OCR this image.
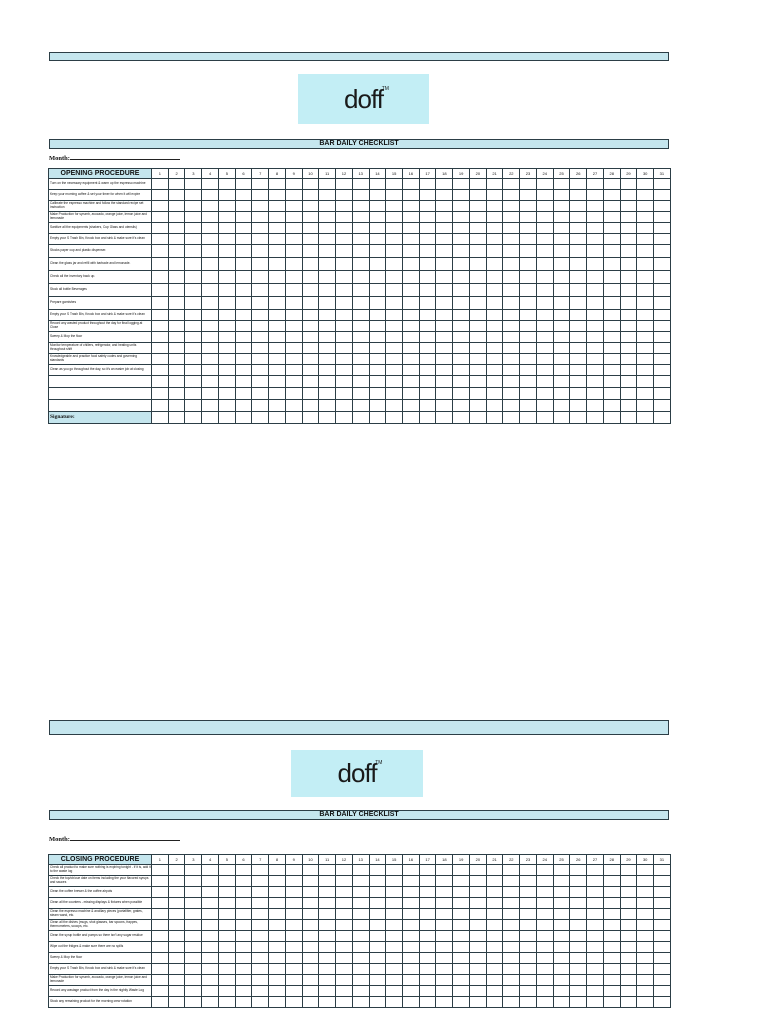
doff
TM
BAR DAILY CHECKLIST
Month:
OPENING PROCEDURE	1	2	3	4	5	6	7	8	9	10	11	12	13	14	15	16	17	18	19	20	21	22	23	24	25	26	27	28	29	30	31
Turn on the necessary equipment & warm up the espresso machine																															
Keep your morning coffee & set your timer for when it will expire																															
Calibrate the espresso machine and follow the standard recipe set instruction																															
Make Production for syrumb, avocado, orange juice, lemon juice and lemonade																															
Sanitize all the equipments (shakers, Cup Glass and utensils)																															
Empty your S Trash Bin, Knock box and sink & make sure it's clean																															
Stocks paper cup and plastic dispenser.																															
Clean the glass jar and refill with barbade and lemonade.																															
Check all the inventory back up.																															
Stock all bottle Beverages																															
Prepare garnishes																															
Empty your S Trash Bin, Knock box and sink & make sure it's clean																															
Record any wasted product throughout the day for final logging at Close																															
Sweep & Mop the floor																															
Monitor temperature of chillers, refrigerator, and heating units throughout shift																															
Knowledgeable and practice food safety codes and governing standards																															
Clean as you go throughout the day, so it's an easier job at closing																															

Signature:																															
doff
TM
BAR DAILY CHECKLIST
Month:
CLOSING PROCEDURE	1	2	3	4	5	6	7	8	9	10	11	12	13	14	15	16	17	18	19	20	21	22	23	24	25	26	27	28	29	30	31
Check all product to make sure nothing is expiring tonight - if it is, add it to the waste log																															
Check the top/ob/cue date on items including the your flavored syrups and sauces																															
Clean the coffee brewer & the coffee airpots																															
Clean all the counters - missing displays & fixtures when possible																															
Clean the espresso machine & ancillary pieces (portafilter, grates, steam wand, etc.																															
Clean all the dishes (mugs, shot glasses, bar spoons, frappes, thermometers, scoops, etc.																															
Clean the syrup bottle and pumps so there isn't any sugar residue																															
Wipe out the fridges & make sure there are no spills																															
Sweep & Mop the floor																															
Empty your S Trash Bin, Knock box and sink & make sure it's clean																															
Make Production for syrumb, avocado, orange juice, lemon juice and lemonade																															
Record any wastage product from the day in the nightly Waste Log																															
Stock any remaining product for the morning crew rotation																															
